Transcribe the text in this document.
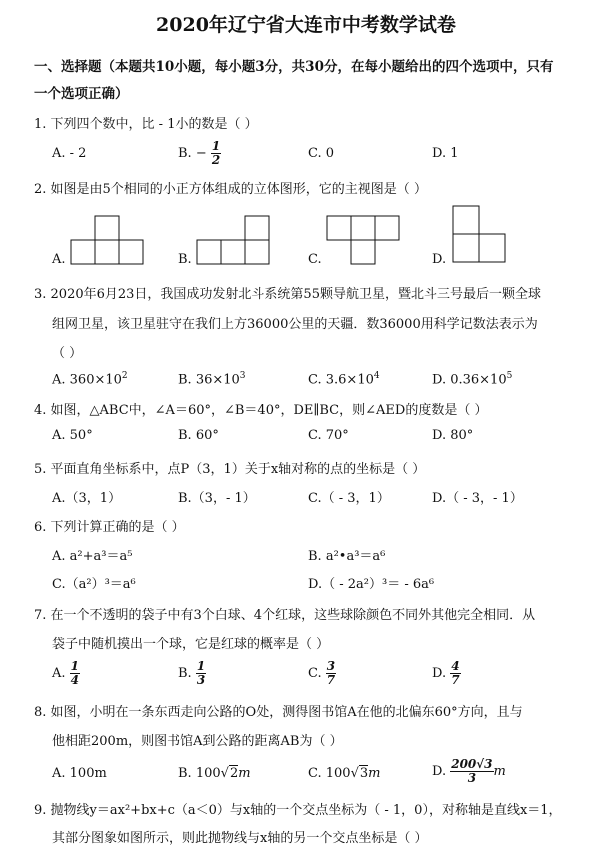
2020年辽宁省大连市中考数学试卷
一、选择题（本题共10小题，每小题3分，共30分，在每小题给出的四个选项中，只有
一个选项正确）
1. 下列四个数中，比 - 1小的数是（ ）
A. - 2	B. − $\frac{1}{2}$	C. 0	D. 1
2. 如图是由5个相同的小正方体组成的立体图形，它的主视图是（ ）
A.	B.	C.	D.
3. 2020年6月23日，我国成功发射北斗系统第55颗导航卫星，暨北斗三号最后一颗全球
组网卫星，该卫星驻守在我们上方36000公里的天疆．数36000用科学记数法表示为
（ ）
A. $360\times 10^2$	B. $36\times 10^3$	C. $3.6\times 10^4$	D. $0.36\times 10^5$
4. 如图，△ABC中，∠A＝60°，∠B＝40°，DE∥BC，则∠AED的度数是（ ）
A. 50°	B. 60°	C. 70°	D. 80°
5. 平面直角坐标系中，点P（3，1）关于x轴对称的点的坐标是（ ）
A.（3，1）	B.（3，- 1）	C.（ - 3，1）	D.（ - 3，- 1）
6. 下列计算正确的是（ ）
A. a²+a³＝a⁵	B. a²•a³＝a⁶
C.（a²）³＝a⁶	D.（ - 2a²）³＝ - 6a⁶
7. 在一个不透明的袋子中有3个白球、4个红球，这些球除颜色不同外其他完全相同．从
袋子中随机摸出一个球，它是红球的概率是（ ）
A. $\frac{1}{4}$	B. $\frac{1}{3}$	C. $\frac{3}{7}$	D. $\frac{4}{7}$
8. 如图，小明在一条东西走向公路的O处，测得图书馆A在他的北偏东60°方向，且与
他相距200m，则图书馆A到公路的距离AB为（ ）
A. 100m	B. 100√2m	C. 100√3m	D. $\frac{200√3}{3}$ m
9. 抛物线y＝ax²+bx+c（a＜0）与x轴的一个交点坐标为（ - 1，0），对称轴是直线x＝1，
其部分图象如图所示，则此抛物线与x轴的另一个交点坐标是（ ）
